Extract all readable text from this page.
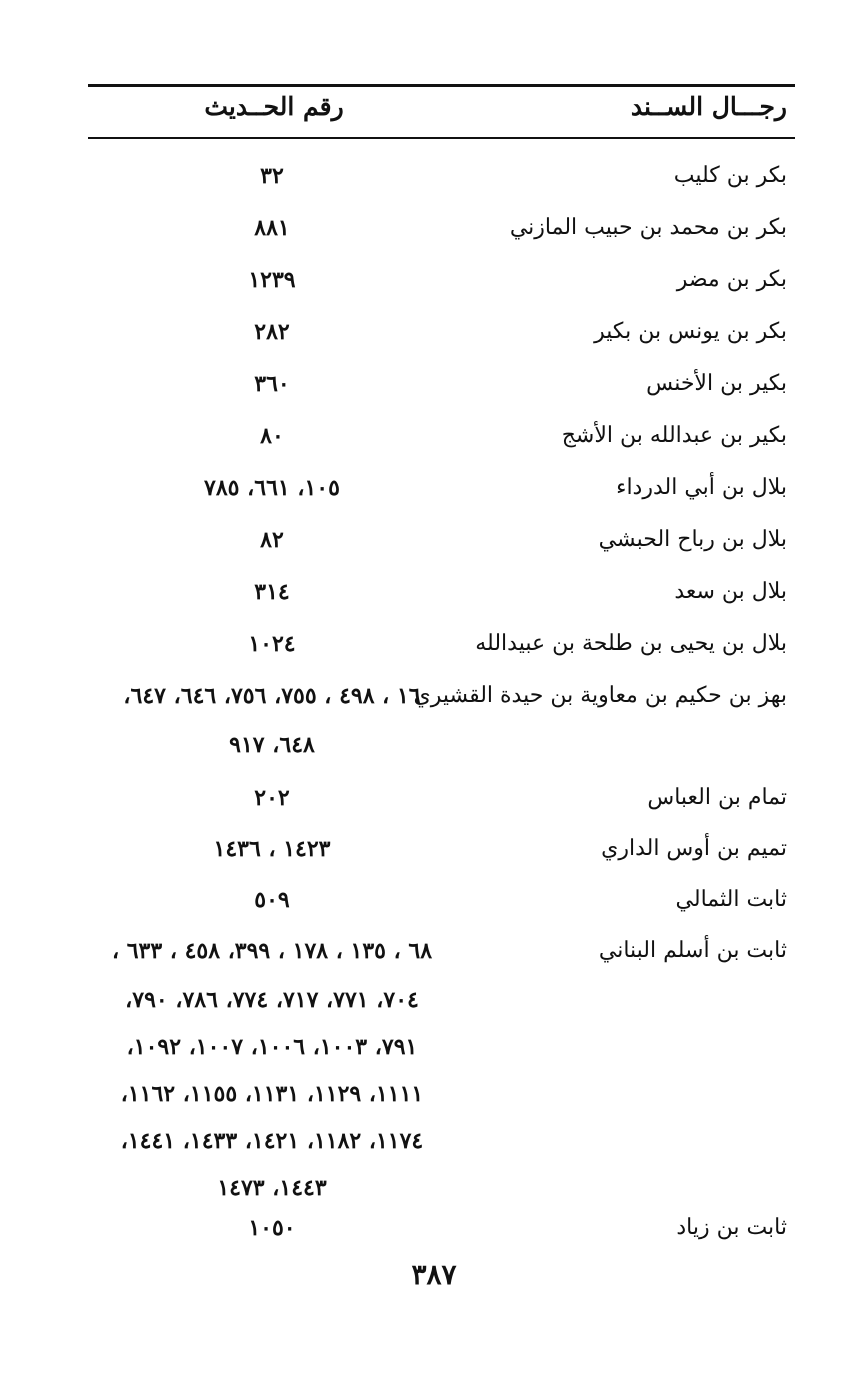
رجـــال الســند
رقم الحــديث
بكر بن كليب
٣٢
بكر بن محمد بن حبيب المازني
٨٨١
بكر بن مضر
١٢٣٩
بكر بن يونس بن بكير
٢٨٢
بكير بن الأخنس
٣٦٠
بكير بن عبدالله بن الأشج
٨٠
بلال بن أبي الدرداء
١٠٥، ٦٦١، ٧٨٥
بلال بن رباح الحبشي
٨٢
بلال بن سعد
٣١٤
بلال بن يحيى بن طلحة بن عبيدالله
١٠٢٤
بهز بن حكيم بن معاوية بن حيدة القشيري
١٦ ، ٤٩٨ ، ٧٥٥، ٧٥٦، ٦٤٦، ٦٤٧،
٦٤٨، ٩١٧
تمام بن العباس
٢٠٢
تميم بن أوس الداري
١٤٢٣ ، ١٤٣٦
ثابت الثمالي
٥٠٩
ثابت بن أسلم البناني
٦٨ ، ١٣٥ ، ١٧٨ ، ٣٩٩، ٤٥٨ ، ٦٣٣ ،
٧٠٤، ٧٧١، ٧١٧، ٧٧٤، ٧٨٦، ٧٩٠،
٧٩١، ١٠٠٣، ١٠٠٦، ١٠٠٧، ١٠٩٢،
١١١١، ١١٢٩، ١١٣١، ١١٥٥، ١١٦٢،
١١٧٤، ١١٨٢، ١٤٢١، ١٤٣٣، ١٤٤١،
١٤٤٣، ١٤٧٣
ثابت بن زياد
١٠٥٠
٣٨٧
